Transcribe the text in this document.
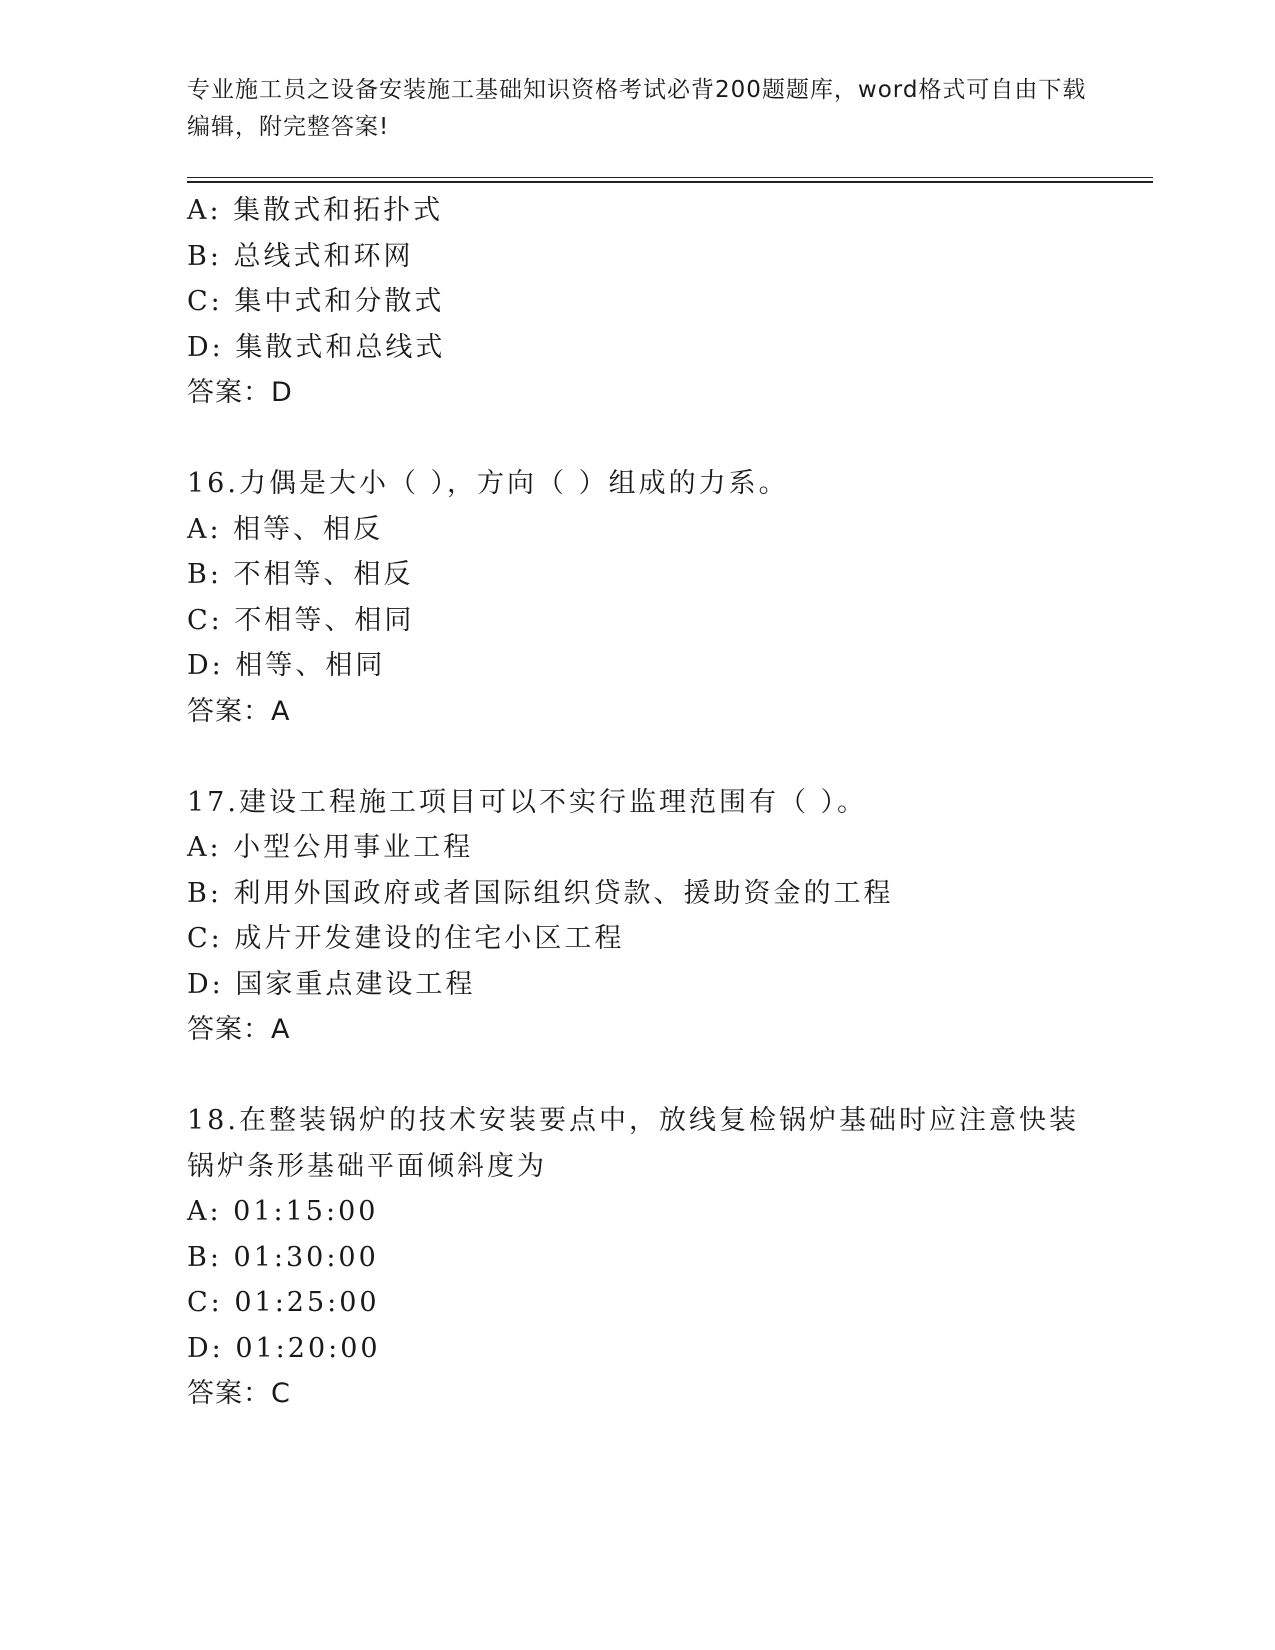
专业施工员之设备安装施工基础知识资格考试必背200题题库，word格式可自由下载编辑，附完整答案!
A: 集散式和拓扑式
B: 总线式和环网
C: 集中式和分散式
D: 集散式和总线式
答案：D
16.力偶是大小（ ），方向（ ）组成的力系。
A: 相等、相反
B: 不相等、相反
C: 不相等、相同
D: 相等、相同
答案：A
17.建设工程施工项目可以不实行监理范围有（ ）。
A: 小型公用事业工程
B: 利用外国政府或者国际组织贷款、援助资金的工程
C: 成片开发建设的住宅小区工程
D: 国家重点建设工程
答案：A
18.在整装锅炉的技术安装要点中，放线复检锅炉基础时应注意快装锅炉条形基础平面倾斜度为
A: 01:15:00
B: 01:30:00
C: 01:25:00
D: 01:20:00
答案：C
